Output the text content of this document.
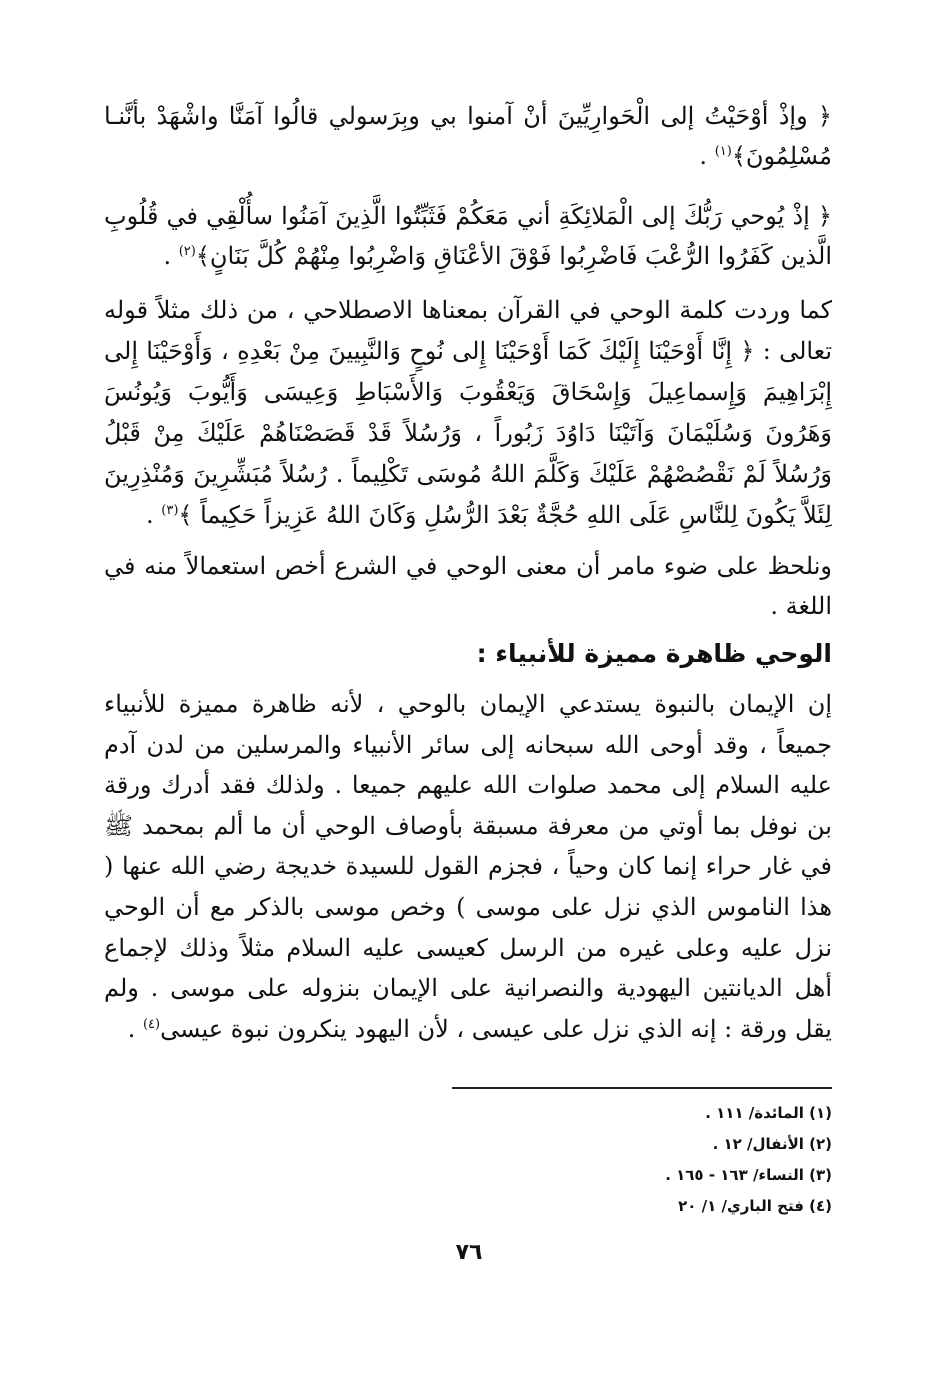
﴿ وإذْ أوْحَيْتُ إلى الْحَوارِيِّينَ أنْ آمنوا بي وبِرَسولي قالُوا آمَنَّا واشْهَدْ بأنَّنـا مُسْلِمُونَ﴾$^{(١)}$ .

﴿ إذْ يُوحي رَبُّكَ إلى الْمَلائِكَةِ أني مَعَكُمْ فَثَبِّتُوا الَّذِينَ آمَنُوا سأُلْقِي في قُلُوبِ الَّذين كَفَرُوا الرُّعْبَ فَاضْرِبُوا فَوْقَ الأعْنَاقِ وَاضْرِبُوا مِنْهُمْ كُلَّ بَنَانٍ﴾$^{(٢)}$ .

كما وردت كلمة الوحي في القرآن بمعناها الاصطلاحي ، من ذلك مثلاً قوله تعالى : ﴿ إِنَّا أَوْحَيْنَا إِلَيْكَ كَمَا أَوْحَيْنَا إِلى نُوحٍ وَالنَّبِيينَ مِنْ بَعْدِهِ ، وَأَوْحَيْنَا إِلى إِبْرَاهِيمَ وَإِسماعِيلَ وَإِسْحَاقَ وَيَعْقُوبَ وَالأَسْبَاطِ وَعِيسَى وَأَيُّوبَ وَيُونُسَ وَهَرُونَ وَسُلَيْمَانَ وَآتَيْنَا دَاوُدَ زَبُوراً ، وَرُسُلاً قَدْ قَصَصْنَاهُمْ عَلَيْكَ مِنْ قَبْلُ وَرُسُلاً لَمْ نَقْصُصْهُمْ عَلَيْكَ وَكَلَّمَ اللهُ مُوسَى تَكْلِيماً . رُسُلاً مُبَشِّرِينَ وَمُنْذِرِينَ لِئَلاَّ يَكُونَ لِلنَّاسِ عَلَى اللهِ حُجَّةٌ بَعْدَ الرُّسُلِ وَكَانَ اللهُ عَزِيزاً حَكِيماً ﴾$^{(٣)}$ .

ونلحظ على ضوء مامر أن معنى الوحي في الشرع أخص استعمالاً منه في اللغة .

الوحي ظاهرة مميزة للأنبياء :

إن الإيمان بالنبوة يستدعي الإيمان بالوحي ، لأنه ظاهرة مميزة للأنبياء جميعاً ، وقد أوحى الله سبحانه إلى سائر الأنبياء والمرسلين من لدن آدم عليه السلام إلى محمد صلوات الله عليهم جميعا . ولذلك فقد أدرك ورقة بن نوفل بما أوتي من معرفة مسبقة بأوصاف الوحي أن ما ألم بمحمد ﷺ في غار حراء إنما كان وحياً ، فجزم القول للسيدة خديجة رضي الله عنها ( هذا الناموس الذي نزل على موسى ) وخص موسى بالذكر مع أن الوحي نزل عليه وعلى غيره من الرسل كعيسى عليه السلام مثلاً وذلك لإجماع أهل الديانتين اليهودية والنصرانية على الإيمان بنزوله على موسى . ولم يقل ورقة : إنه الذي نزل على عيسى ، لأن اليهود ينكرون نبوة عيسى$^{(٤)}$ .

(١) المائدة/ ١١١ .
(٢) الأنفال/ ١٢ .
(٣) النساء/ ١٦٣ - ١٦٥ .
(٤) فتح الباري/ ١/ ٢٠
٧٦
